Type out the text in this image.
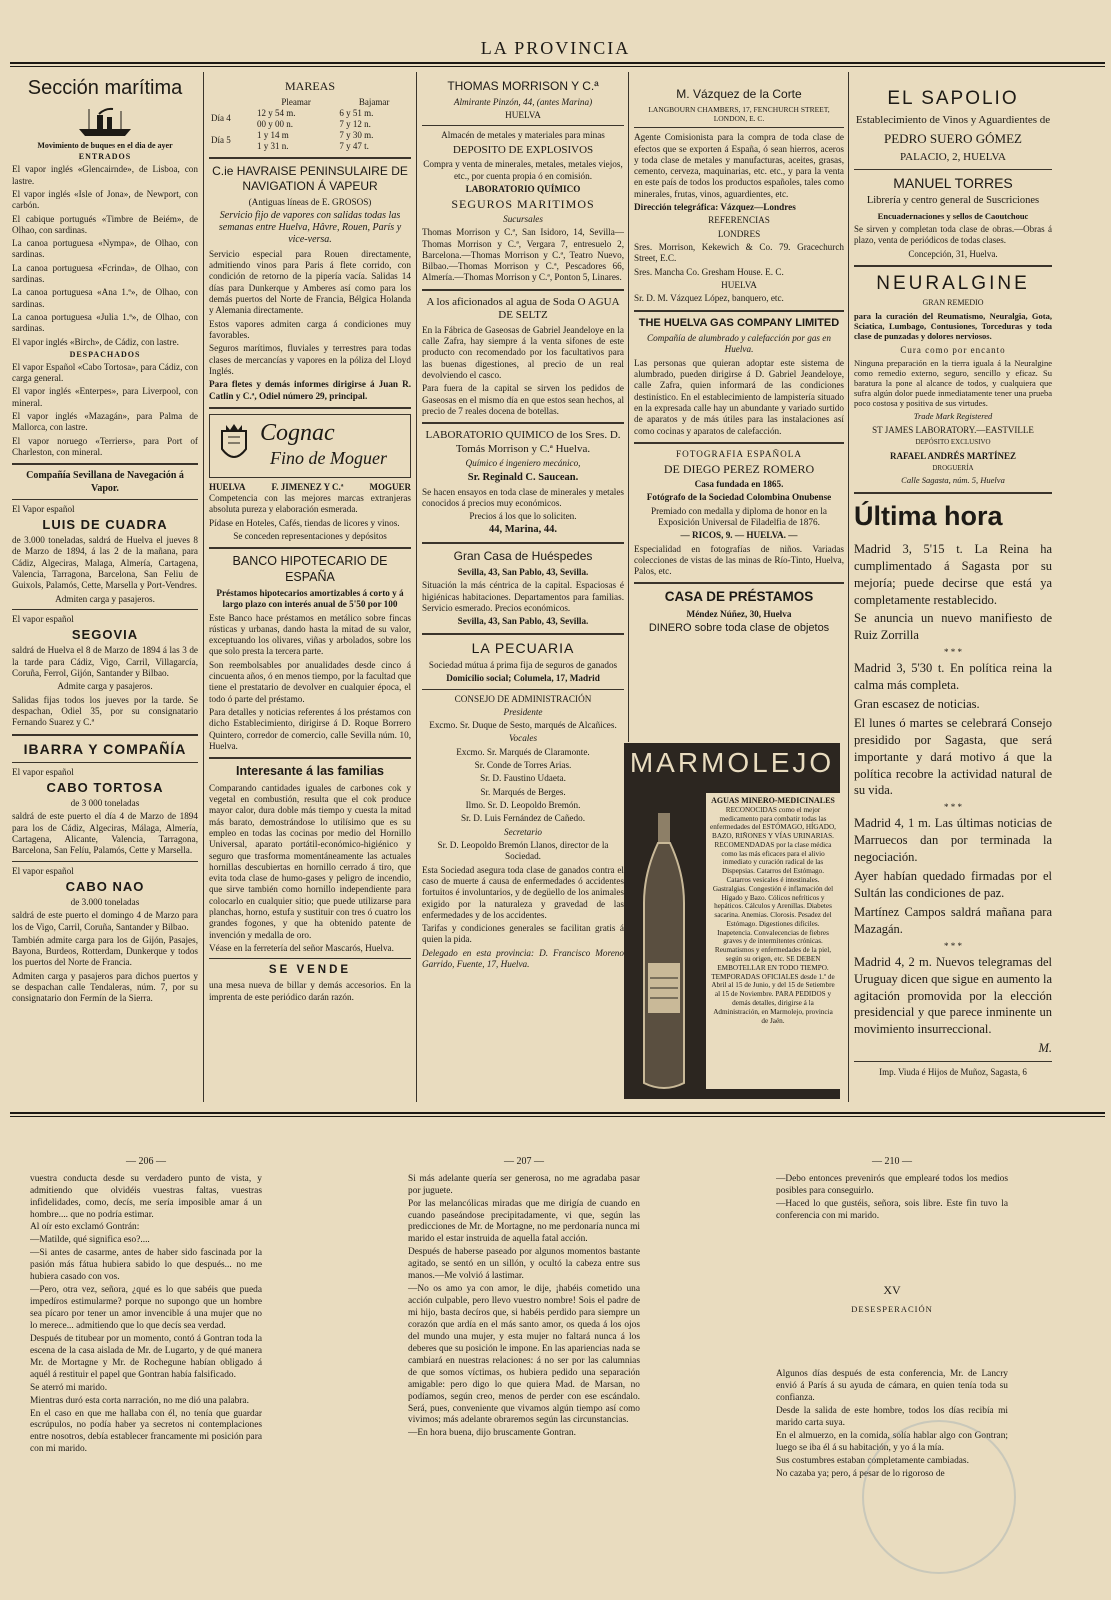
LA PROVINCIA
Sección marítima

Movimiento de buques en el dia de ayer

ENTRADOS

El vapor inglés «Glencairnde», de Lisboa, con lastre.

El vapor inglés «Isle of Jona», de Newport, con carbón.

El cabique portugués «Timbre de Beiém», de Olhao, con sardinas.

La canoa portuguesa «Nympa», de Olhao, con sardinas.

La canoa portuguesa «Fcrinda», de Olhao, con sardinas.

La canoa portuguesa «Ana 1.ª», de Olhao, con sardinas.

La canoa portuguesa «Julia 1.ª», de Olhao, con sardinas.

El vapor inglés «Birch», de Cádiz, con lastre.

DESPACHADOS

El vapor Español «Cabo Tortosa», para Cádiz, con carga general.

El vapor inglés «Enterpes», para Liverpool, con mineral.

El vapor inglés «Mazagán», para Palma de Mallorca, con lastre.

El vapor noruego «Terriers», para Port of Charleston, con mineral.

Compañía Sevillana de Navegación á Vapor.

El Vapor español

LUIS DE CUADRA

de 3.000 toneladas, saldrá de Huelva el jueves 8 de Marzo de 1894, á las 2 de la mañana, para Cádiz, Algeciras, Malaga, Almería, Cartagena, Valencia, Tarragona, Barcelona, San Feliu de Guixols, Palamós, Cette, Marsella y Port-Vendres.

Admiten carga y pasajeros.

El vapor español

SEGOVIA

saldrá de Huelva el 8 de Marzo de 1894 á las 3 de la tarde para Cádiz, Vigo, Carril, Villagarcía, Coruña, Ferrol, Gijón, Santander y Bilbao.

Admite carga y pasajeros.

Salidas fijas todos los jueves por la tarde. Se despachan, Odiel 35, por su consignatario Fernando Suarez y C.ª

IBARRA Y COMPAÑÍA

El vapor español

CABO TORTOSA

de 3 000 toneladas

saldrá de este puerto el día 4 de Marzo de 1894 para los de Cádiz, Algeciras, Málaga, Almería, Cartagena, Alicante, Valencia, Tarragona, Barcelona, San Felíu, Palamós, Cette y Marsella.

El vapor español

CABO NAO

de 3.000 toneladas

saldrá de este puerto el domingo 4 de Marzo para los de Vigo, Carril, Coruña, Santander y Bilbao.

También admite carga para los de Gijón, Pasajes, Bayona, Burdeos, Rotterdam, Dunkerque y todos los puertos del Norte de Francia.

Admiten carga y pasajeros para dichos puertos y se despachan calle Tendaleras, núm. 7, por su consignatario don Fermín de la Sierra.

MAREAS
	Pleamar	Bajamar
Día 4	12 y 54 m.	6 y 51 m.
	00 y 00 n.	7 y 12 n.
Día 5	1 y 14 m	7 y 30 m.
	1 y 31 n.	7 y 47 t.
C.ie HAVRAISE PENINSULAIRE DE NAVIGATION Á VAPEUR

(Antiguas líneas de E. GROSOS)

Servicio fijo de vapores con salidas todas las semanas entre Huelva, Hâvre, Rouen, París y vice-versa.

Servicio especial para Rouen directamente, admitiendo vinos para Paris á flete corrido, con condición de retorno de la pipería vacía. Salidas 14 días para Dunkerque y Amberes así como para los demás puertos del Norte de Francia, Bélgica Holanda y Alemania directamente.

Estos vapores admiten carga á condiciones muy favorables.

Seguros marítimos, fluviales y terrestres para todas clases de mercancías y vapores en la póliza del Lloyd Inglés.

Para fletes y demás informes dirigirse á Juan R. Catlin y C.ª, Odiel número 29, principal.

Cognac
Fino de Moguer
HUELVA	F. JIMENEZ Y C.ª	MOGUER

Competencia con las mejores marcas extranjeras absoluta pureza y elaboración esmerada.

Pídase en Hoteles, Cafés, tiendas de licores y vinos.

Se conceden representaciones y depósitos

BANCO HIPOTECARIO DE ESPAÑA

Préstamos hipotecarios amortizables á corto y á largo plazo con interés anual de 5'50 por 100

Este Banco hace préstamos en metálico sobre fincas rústicas y urbanas, dando hasta la mitad de su valor, exceptuando los olivares, viñas y arbolados, sobre los que solo presta la tercera parte.

Son reembolsables por anualidades desde cinco á cincuenta años, ó en menos tiempo, por la facultad que tiene el prestatario de devolver en cualquier época, el todo ó parte del préstamo.

Para detalles y noticias referentes á los préstamos con dicho Establecimiento, dirigirse á D. Roque Borrero Quintero, corredor de comercio, calle Sevilla núm. 10, Huelva.

Interesante á las familias

Comparando cantidades iguales de carbones cok y vegetal en combustión, resulta que el cok produce mayor calor, dura doble más tiempo y cuesta la mitad más barato, demostrándose lo utilísimo que es su empleo en todas las cocinas por medio del Hornillo Universal, aparato portátil-económico-higiénico y seguro que trasforma momentáneamente las actuales hornillas descubiertas en hornillo cerrado á tiro, que evita toda clase de humo-gases y peligro de incendio, que sirve también como hornillo independiente para colocarlo en cualquier sitio; que puede utilizarse para planchas, horno, estufa y sustituir con tres ó cuatro los grandes fogones, y que ha obtenido patente de invención y medalla de oro.

Véase en la ferretería del señor Mascarós, Huelva.

SE VENDE

una mesa nueva de billar y demás accesorios. En la imprenta de este periódico darán razón.

THOMAS MORRISON Y C.ª

Almirante Pinzón, 44, (antes Marina)

HUELVA

Almacén de metales y materiales para minas

DEPOSITO DE EXPLOSIVOS

Compra y venta de minerales, metales, metales viejos, etc., por cuenta propia ó en comisión.

LABORATORIO QUÍMICO

SEGUROS MARITIMOS

Sucursales

Thomas Morrison y C.ª, San Isidoro, 14, Sevilla—Thomas Morrison y C.ª, Vergara 7, entresuelo 2, Barcelona.—Thomas Morrison y C.ª, Teatro Nuevo, Bilbao.—Thomas Morrison y C.ª, Pescadores 66, Almería.—Thomas Morrison y C.ª, Ponton 5, Linares.

A los aficionados al agua de Soda O AGUA DE SELTZ

En la Fábrica de Gaseosas de Gabriel Jeandeloye en la calle Zafra, hay siempre á la venta sifones de este producto con recomendado por los facultativos para las buenas digestiones, al precio de un real devolviendo el casco.

Para fuera de la capital se sirven los pedidos de Gaseosas en el mismo día en que estos sean hechos, al precio de 7 reales docena de botellas.

LABORATORIO QUIMICO de los Sres. D. Tomás Morrison y C.ª Huelva.

Químico é ingeniero mecánico,

Sr. Reginald C. Saucean.

Se hacen ensayos en toda clase de minerales y metales conocidos á precios muy económicos.

Precios á los que lo soliciten.

44, Marina, 44.

Gran Casa de Huéspedes

Sevilla, 43, San Pablo, 43, Sevilla.

Situación la más céntrica de la capital. Espaciosas é higiénicas habitaciones. Departamentos para familias. Servicio esmerado. Precios económicos.

Sevilla, 43, San Pablo, 43, Sevilla.

LA PECUARIA

Sociedad mútua á prima fija de seguros de ganados

Domicilio social; Columela, 17, Madrid

CONSEJO DE ADMINISTRACIÓN

Presidente

Excmo. Sr. Duque de Sesto, marqués de Alcañices.

Vocales

Excmo. Sr. Marqués de Claramonte.

Sr. Conde de Torres Arias.

Sr. D. Faustino Udaeta.

Sr. Marqués de Berges.

Ilmo. Sr. D. Leopoldo Bremón.

Sr. D. Luis Fernández de Cañedo.

Secretario

Sr. D. Leopoldo Bremón Llanos, director de la Sociedad.

Esta Sociedad asegura toda clase de ganados contra el caso de muerte á causa de enfermedades ó accidentes fortuitos é involuntarios, y de degüello de los animales exigido por la naturaleza y gravedad de las enfermedades y de los accidentes.

Tarifas y condiciones generales se facilitan gratis á quien la pida.

Delegado en esta provincia: D. Francisco Moreno Garrido, Fuente, 17, Huelva.

M. Vázquez de la Corte

LANGBOURN CHAMBERS, 17, FENCHURCH STREET, LONDON, E. C.

Agente Comisionista para la compra de toda clase de efectos que se exporten á España, ó sean hierros, aceros y toda clase de metales y manufacturas, aceites, grasas, cemento, cerveza, maquinarias, etc. etc., y para la venta en este país de todos los productos españoles, tales como minerales, frutas, vinos, aguardientes, etc.

Dirección telegráfica: Vázquez—Londres

REFERENCIAS

LONDRES

Sres. Morrison, Kekewich & Co. 79. Gracechurch Street, E.C.

Sres. Mancha Co. Gresham House. E. C.

HUELVA

Sr. D. M. Vázquez López, banquero, etc.

THE HUELVA GAS COMPANY LIMITED

Compañía de alumbrado y calefacción por gas en Huelva.

Las personas que quieran adoptar este sistema de alumbrado, pueden dirigirse á D. Gabriel Jeandeloye, calle Zafra, quien informará de las condiciones destinístico. En el establecimiento de lampistería situado en la expresada calle hay un abundante y variado surtido de aparatos y de más útiles para las instalaciones así como cocinas y aparatos de calefacción.

FOTOGRAFIA ESPAÑOLA

DE DIEGO PEREZ ROMERO

Casa fundada en 1865.

Fotógrafo de la Sociedad Colombina Onubense

Premiado con medalla y diploma de honor en la Exposición Universal de Filadelfia de 1876.

— RICOS, 9. — HUELVA. —

Especialidad en fotografías de niños. Variadas colecciones de vistas de las minas de Río-Tinto, Huelva, Palos, etc.

CASA DE PRÉSTAMOS

Méndez Núñez, 30, Huelva

DINERO sobre toda clase de objetos

MARMOLEJO
AGUAS MINERO-MEDICINALES
RECONOCIDAS como el mejor medicamento para combatir todas las enfermedades del ESTÓMAGO, HÍGADO, BAZO, RIÑONES Y VÍAS URINARIAS. RECOMENDADAS por la clase médica como las más eficaces para el alivio inmediato y curación radical de las Dispepsias. Catarros del Estómago. Catarros vesicales é intestinales. Gastralgias. Congestión é inflamación del Hígado y Bazo. Cólicos nefríticos y hepáticos. Cálculos y Arenillas. Diabetes sacarina. Anemias. Clorosis. Pesadez del Estómago. Digestiones difíciles. Inapetencia. Convalecencias de fiebres graves y de intermitentes crónicas. Reumatismos y enfermedades de la piel, según su origen, etc. SE DEBEN EMBOTELLAR EN TODO TIEMPO. TEMPORADAS OFICIALES desde 1.º de Abril al 15 de Junio, y del 15 de Setiembre al 15 de Noviembre. PARA PEDIDOS y demás detalles, dirigirse á la Administración, en Marmolejo, provincia de Jaén.
EL SAPOLIO

Establecimiento de Vinos y Aguardientes de

PEDRO SUERO GÓMEZ

PALACIO, 2, HUELVA

MANUEL TORRES

Librería y centro general de Suscriciones

Encuadernaciones y sellos de Caoutchouc

Se sirven y completan toda clase de obras.—Obras á plazo, venta de periódicos de todas clases.

Concepción, 31, Huelva.

NEURALGINE

GRAN REMEDIO

para la curación del Reumatismo, Neuralgia, Gota, Sciatica, Lumbago, Contusiones, Torceduras y toda clase de punzadas y dolores nerviosos.

Cura como por encanto

Ninguna preparación en la tierra iguala á la Neuralgine como remedio externo, seguro, sencillo y eficaz. Su baratura la pone al alcance de todos, y cualquiera que sufra algún dolor puede inmediatamente tener una prueba poco costosa y positiva de sus virtudes.

Trade Mark Registered

ST JAMES LABORATORY.—EASTVILLE

DEPÓSITO EXCLUSIVO

RAFAEL ANDRÉS MARTÍNEZ

DROGUERÍA

Calle Sagasta, núm. 5, Huelva

Última hora

Madrid 3, 5'15 t. La Reina ha cumplimentado á Sagasta por su mejoría; puede decirse que está ya completamente restablecido.

Se anuncia un nuevo manifiesto de Ruiz Zorrilla

* * *

Madrid 3, 5'30 t. En política reina la calma más completa.

Gran escasez de noticias.

El lunes ó martes se celebrará Consejo presidido por Sagasta, que será importante y dará motivo á que la política recobre la actividad natural de su vida.

* * *

Madrid 4, 1 m. Las últimas noticias de Marruecos dan por terminada la negociación.

Ayer habían quedado firmadas por el Sultán las condiciones de paz.

Martínez Campos saldrá mañana para Mazagán.

* * *

Madrid 4, 2 m. Nuevos telegramas del Uruguay dicen que sigue en aumento la agitación promovida por la elección presidencial y que parece inminente un movimiento insurreccional.

M.

Imp. Viuda é Hijos de Muñoz, Sagasta, 6

— 206 —

vuestra conducta desde su verdadero punto de vista, y admitiendo que olvidéis vuestras faltas, vuestras infidelidades, como, decís, me sería imposible amar á un hombre.... que no podría estimar.

Al oír esto exclamó Gontrán:

—Matilde, qué significa eso?....

—Si antes de casarme, antes de haber sido fascinada por la pasión más fátua hubiera sabido lo que después... no me hubiera casado con vos.

—Pero, otra vez, señora, ¿qué es lo que sabéis que pueda impedíros estimularme? porque no supongo que un hombre sea pícaro por tener un amor invencible á una mujer que no lo merece... admitiendo que lo que decís sea verdad.

Después de titubear por un momento, contó á Gontran toda la escena de la casa aislada de Mr. de Lugarto, y de qué manera Mr. de Mortagne y Mr. de Rochegune habían obligado á aquél á restituir el papel que Gontran había falsificado.

Se aterró mi marido.

Mientras duró esta corta narración, no me dió una palabra.

En el caso en que me hallaba con él, no tenía que guardar escrúpulos, no podía haber ya secretos ni contemplaciones entre nosotros, debía establecer francamente mi posición para con mi marido.

— 207 —

Si más adelante quería ser generosa, no me agradaba pasar por juguete.

Por las melancólicas miradas que me dirigía de cuando en cuando paseándose precipitadamente, vi que, según las predicciones de Mr. de Mortagne, no me perdonaría nunca mi marido el estar instruida de aquella fatal acción.

Después de haberse paseado por algunos momentos bastante agitado, se sentó en un sillón, y ocultó la cabeza entre sus manos.—Me volvió á lastimar.

—No os amo ya con amor, le dije, ¡habéis cometido una acción culpable, pero llevo vuestro nombre! Sois el padre de mi hijo, basta decíros que, si habéis perdido para siempre un corazón que ardía en el más santo amor, os queda á los ojos del mundo una mujer, y esta mujer no faltará nunca á los deberes que su posición le impone. En las apariencias nada se cambiará en nuestras relaciones: á no ser por las calumnias de que somos víctimas, os hubiera pedido una separación amigable: pero digo lo que quiera Mad. de Marsan, no podíamos, según creo, menos de perder con ese escándalo. Será, pues, conveniente que vivamos algún tiempo así como vivimos; más adelante obraremos según las circunstancias.

—En hora buena, dijo bruscamente Gontran.

— 210 —

—Debo entonces prevenirós que emplearé todos los medios posibles para conseguirlo.

—Haced lo que gustéis, señora, sois libre. Este fin tuvo la conferencia con mi marido.

XV
DESESPERACIÓN

Algunos días después de esta conferencia, Mr. de Lancry envió á París á su ayuda de cámara, en quien tenía toda su confianza.

Desde la salida de este hombre, todos los días recibía mi marido carta suya.

En el almuerzo, en la comida, solía hablar algo con Gontran; luego se iba él á su habitación, y yo á la mía.

Sus costumbres estaban completamente cambiadas.

No cazaba ya; pero, á pesar de lo rigoroso de
